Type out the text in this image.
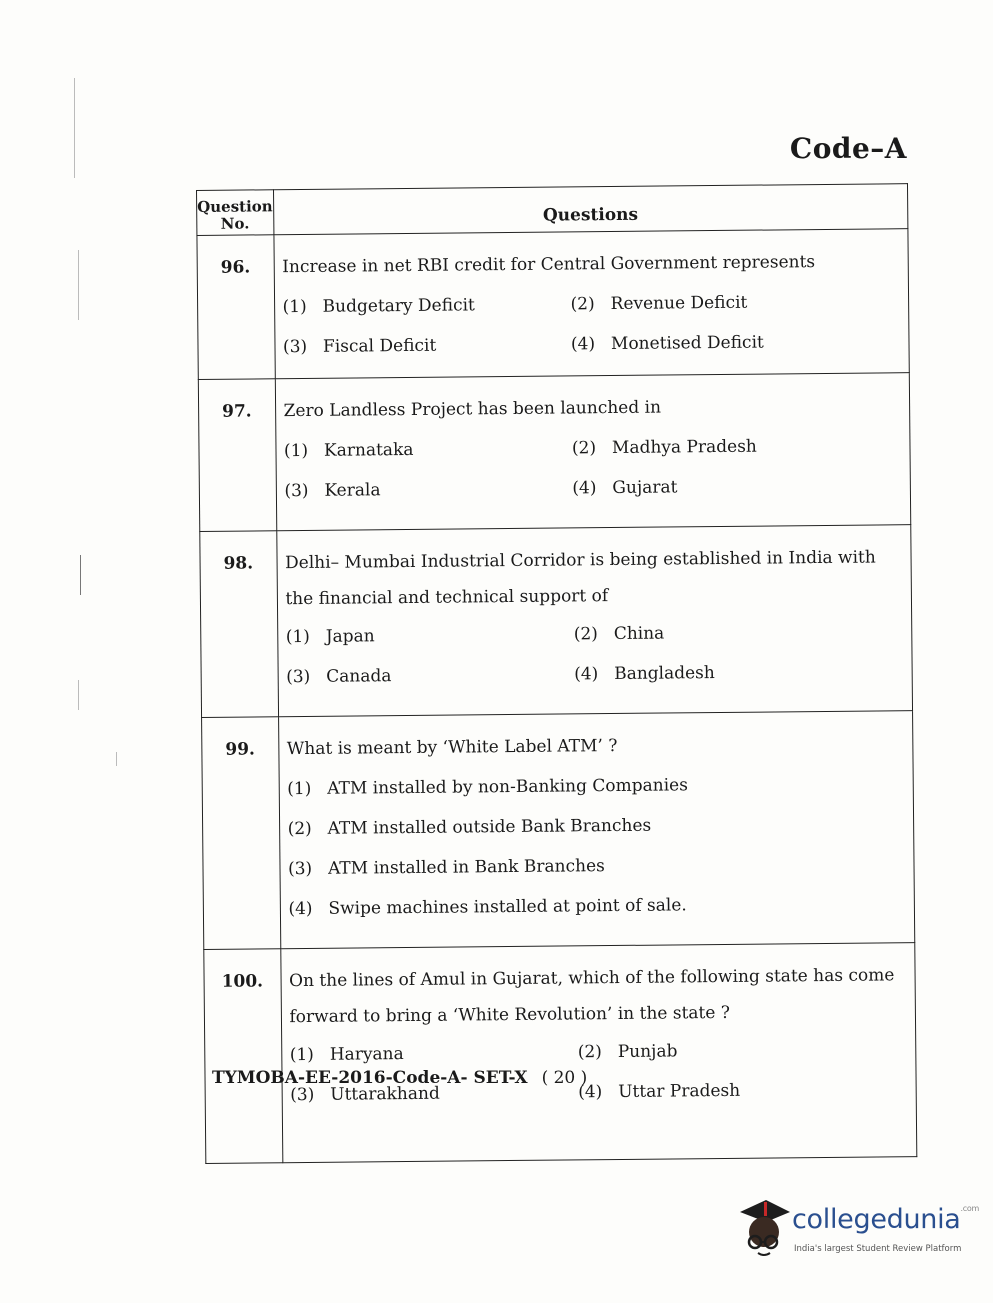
Code–A
Question
No.	Questions
96.	Increase in net RBI credit for Central Government represents
(1) Budgetary Deficit (2) Revenue Deficit
(3) Fiscal Deficit (4) Monetised Deficit

97.	Zero Landless Project has been launched in
(1) Karnataka (2) Madhya Pradesh
(3) Kerala (4) Gujarat

98.	Delhi– Mumbai Industrial Corridor is being established in India with the financial and technical support of
(1) Japan (2) China
(3) Canada (4) Bangladesh

99.	What is meant by ‘White Label ATM’ ?
(1) ATM installed by non-Banking Companies
(2) ATM installed outside Bank Branches
(3) ATM installed in Bank Branches
(4) Swipe machines installed at point of sale.

100.	On the lines of Amul in Gujarat, which of the following state has come forward to bring a ‘White Revolution’ in the state ?
(1) Haryana (2) Punjab
(3) Uttarakhand (4) Uttar Pradesh
TYMOBA-EE-2016-Code-A- SET-X ( 20 )
collegedunia$^{.com}$
India's largest Student Review Platform
